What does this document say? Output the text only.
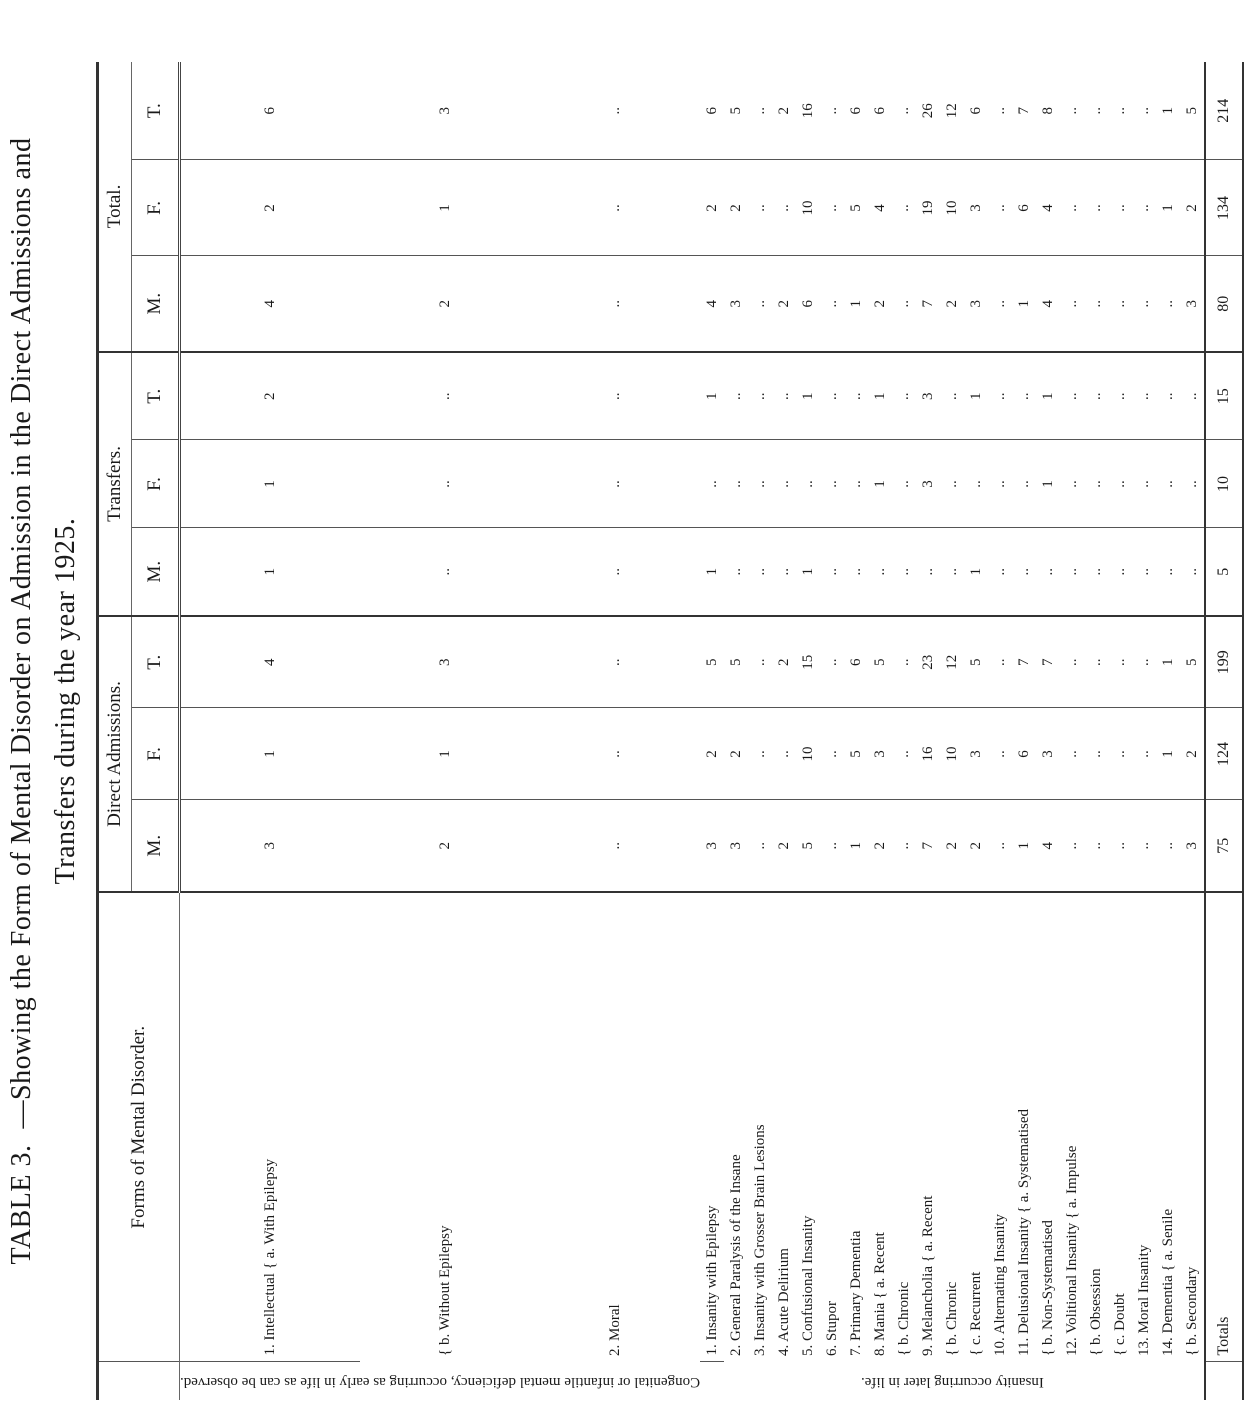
TABLE 3.—Showing the Form of Mental Disorder on Admission in the Direct Admissions and Transfers during the year 1925.
	Forms of Mental Disorder.	Direct Admissions.			Transfers.			Total.		
		M.	F.	T.	M.	F.	T.	M.	F.	T.

Congenital or infantile mental deficiency, occurring as early in life as can be observed.	1. Intellectual { a. With Epilepsy	3	1	4	1	1	2	4	2	6
	{ b. Without Epilepsy	2	1	3	..	..	..	2	1	3
	2. Moral	..	..	..	..	..	..	..	..	..

Insanity occurring later in life.	1. Insanity with Epilepsy	3	2	5	1	..	1	4	2	6
	2. General Paralysis of the Insane	3	2	5	..	..	..	3	2	5
	3. Insanity with Grosser Brain Lesions	..	..	..	..	..	..	..	..	..
	4. Acute Delirium	2	..	2	..	..	..	2	..	2
	5. Confusional Insanity	5	10	15	1	..	1	6	10	16
	6. Stupor	..	..	..	..	..	..	..	..	..
	7. Primary Dementia	1	5	6	..	..	..	1	5	6
	8. Mania { a. Recent	2	3	5	..	1	1	2	4	6
	{ b. Chronic	..	..	..	..	..	..	..	..	..
	9. Melancholia { a. Recent	7	16	23	..	3	3	7	19	26
	{ b. Chronic	2	10	12	..	..	..	2	10	12
	{ c. Recurrent	2	3	5	1	..	1	3	3	6
	10. Alternating Insanity	..	..	..	..	..	..	..	..	..
	11. Delusional Insanity { a. Systematised	1	6	7	..	..	..	1	6	7
	{ b. Non-Systematised	4	3	7	..	1	1	4	4	8
	12. Volitional Insanity { a. Impulse	..	..	..	..	..	..	..	..	..
	{ b. Obsession	..	..	..	..	..	..	..	..	..
	{ c. Doubt	..	..	..	..	..	..	..	..	..
	13. Moral Insanity	..	..	..	..	..	..	..	..	..
	14. Dementia { a. Senile	..	1	1	..	..	..	..	1	1
	{ b. Secondary	3	2	5	..	..	..	3	2	5
	Totals	75	124	199	5	10	15	80	134	214
